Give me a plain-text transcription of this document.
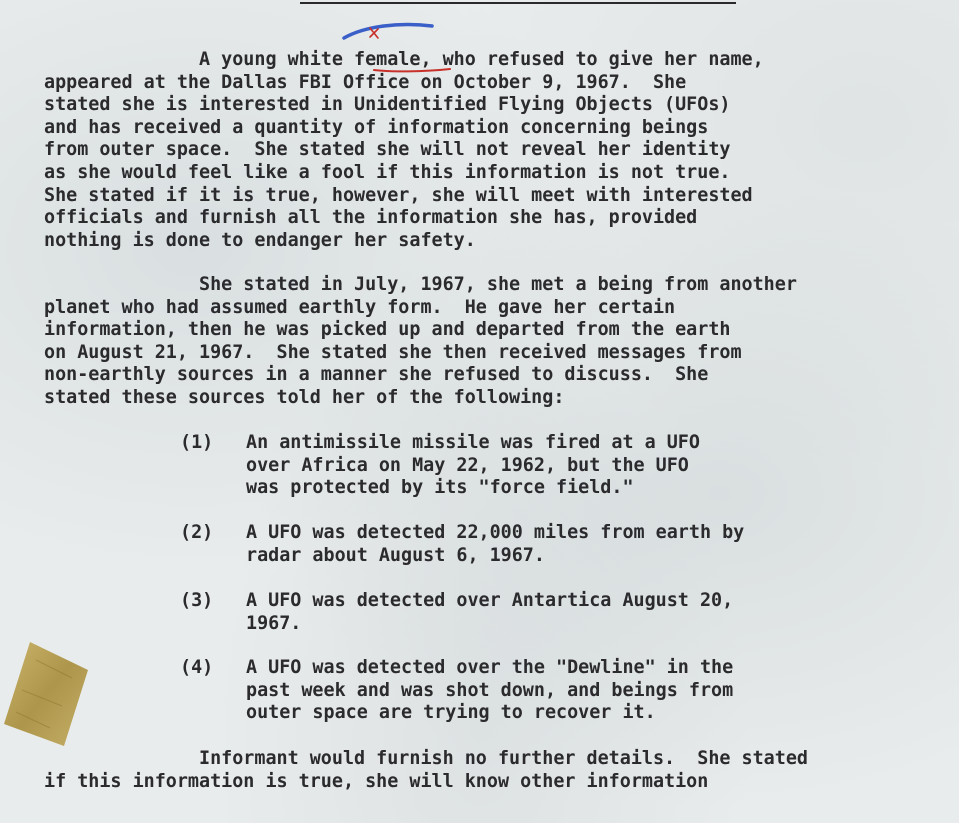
A young white female, who refused to give her name,
appeared at the Dallas FBI Office on October 9, 1967.  She
stated she is interested in Unidentified Flying Objects (UFOs)
and has received a quantity of information concerning beings
from outer space.  She stated she will not reveal her identity
as she would feel like a fool if this information is not true.
She stated if it is true, however, she will meet with interested
officials and furnish all the information she has, provided
nothing is done to endanger her safety.
She stated in July, 1967, she met a being from another
planet who had assumed earthly form.  He gave her certain
information, then he was picked up and departed from the earth
on August 21, 1967.  She stated she then received messages from
non-earthly sources in a manner she refused to discuss.  She
stated these sources told her of the following:
(1) An antimissile missile was fired at a UFO
over Africa on May 22, 1962, but the UFO
was protected by its "force field."
(2) A UFO was detected 22,000 miles from earth by
radar about August 6, 1967.
(3) A UFO was detected over Antartica August 20,
1967.
(4) A UFO was detected over the "Dewline" in the
past week and was shot down, and beings from
outer space are trying to recover it.
Informant would furnish no further details.  She stated
if this information is true, she will know other information
